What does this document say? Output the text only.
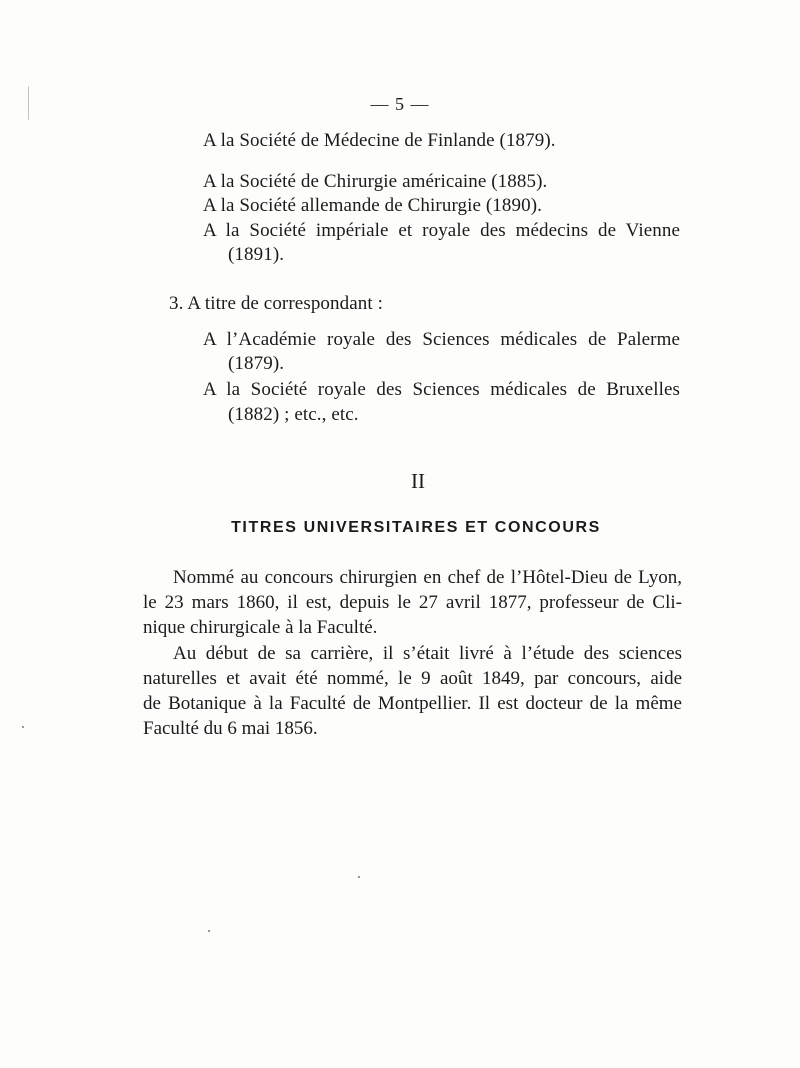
— 5 —
A la Société de Médecine de Finlande (1879).
A la Société de Chirurgie américaine (1885).
A la Société allemande de Chirurgie (1890).
A la Société impériale et royale des médecins de Vienne
(1891).
3. A titre de correspondant :
A l’Académie royale des Sciences médicales de Palerme
(1879).
A la Société royale des Sciences médicales de Bruxelles
(1882) ; etc., etc.
II
TITRES UNIVERSITAIRES ET CONCOURS
Nommé au concours chirurgien en chef de l’Hôtel-Dieu de Lyon,
le 23 mars 1860, il est, depuis le 27 avril 1877, professeur de Cli-
nique chirurgicale à la Faculté.
Au début de sa carrière, il s’était livré à l’étude des sciences
naturelles et avait été nommé, le 9 août 1849, par concours, aide
de Botanique à la Faculté de Montpellier. Il est docteur de la même
Faculté du 6 mai 1856.
